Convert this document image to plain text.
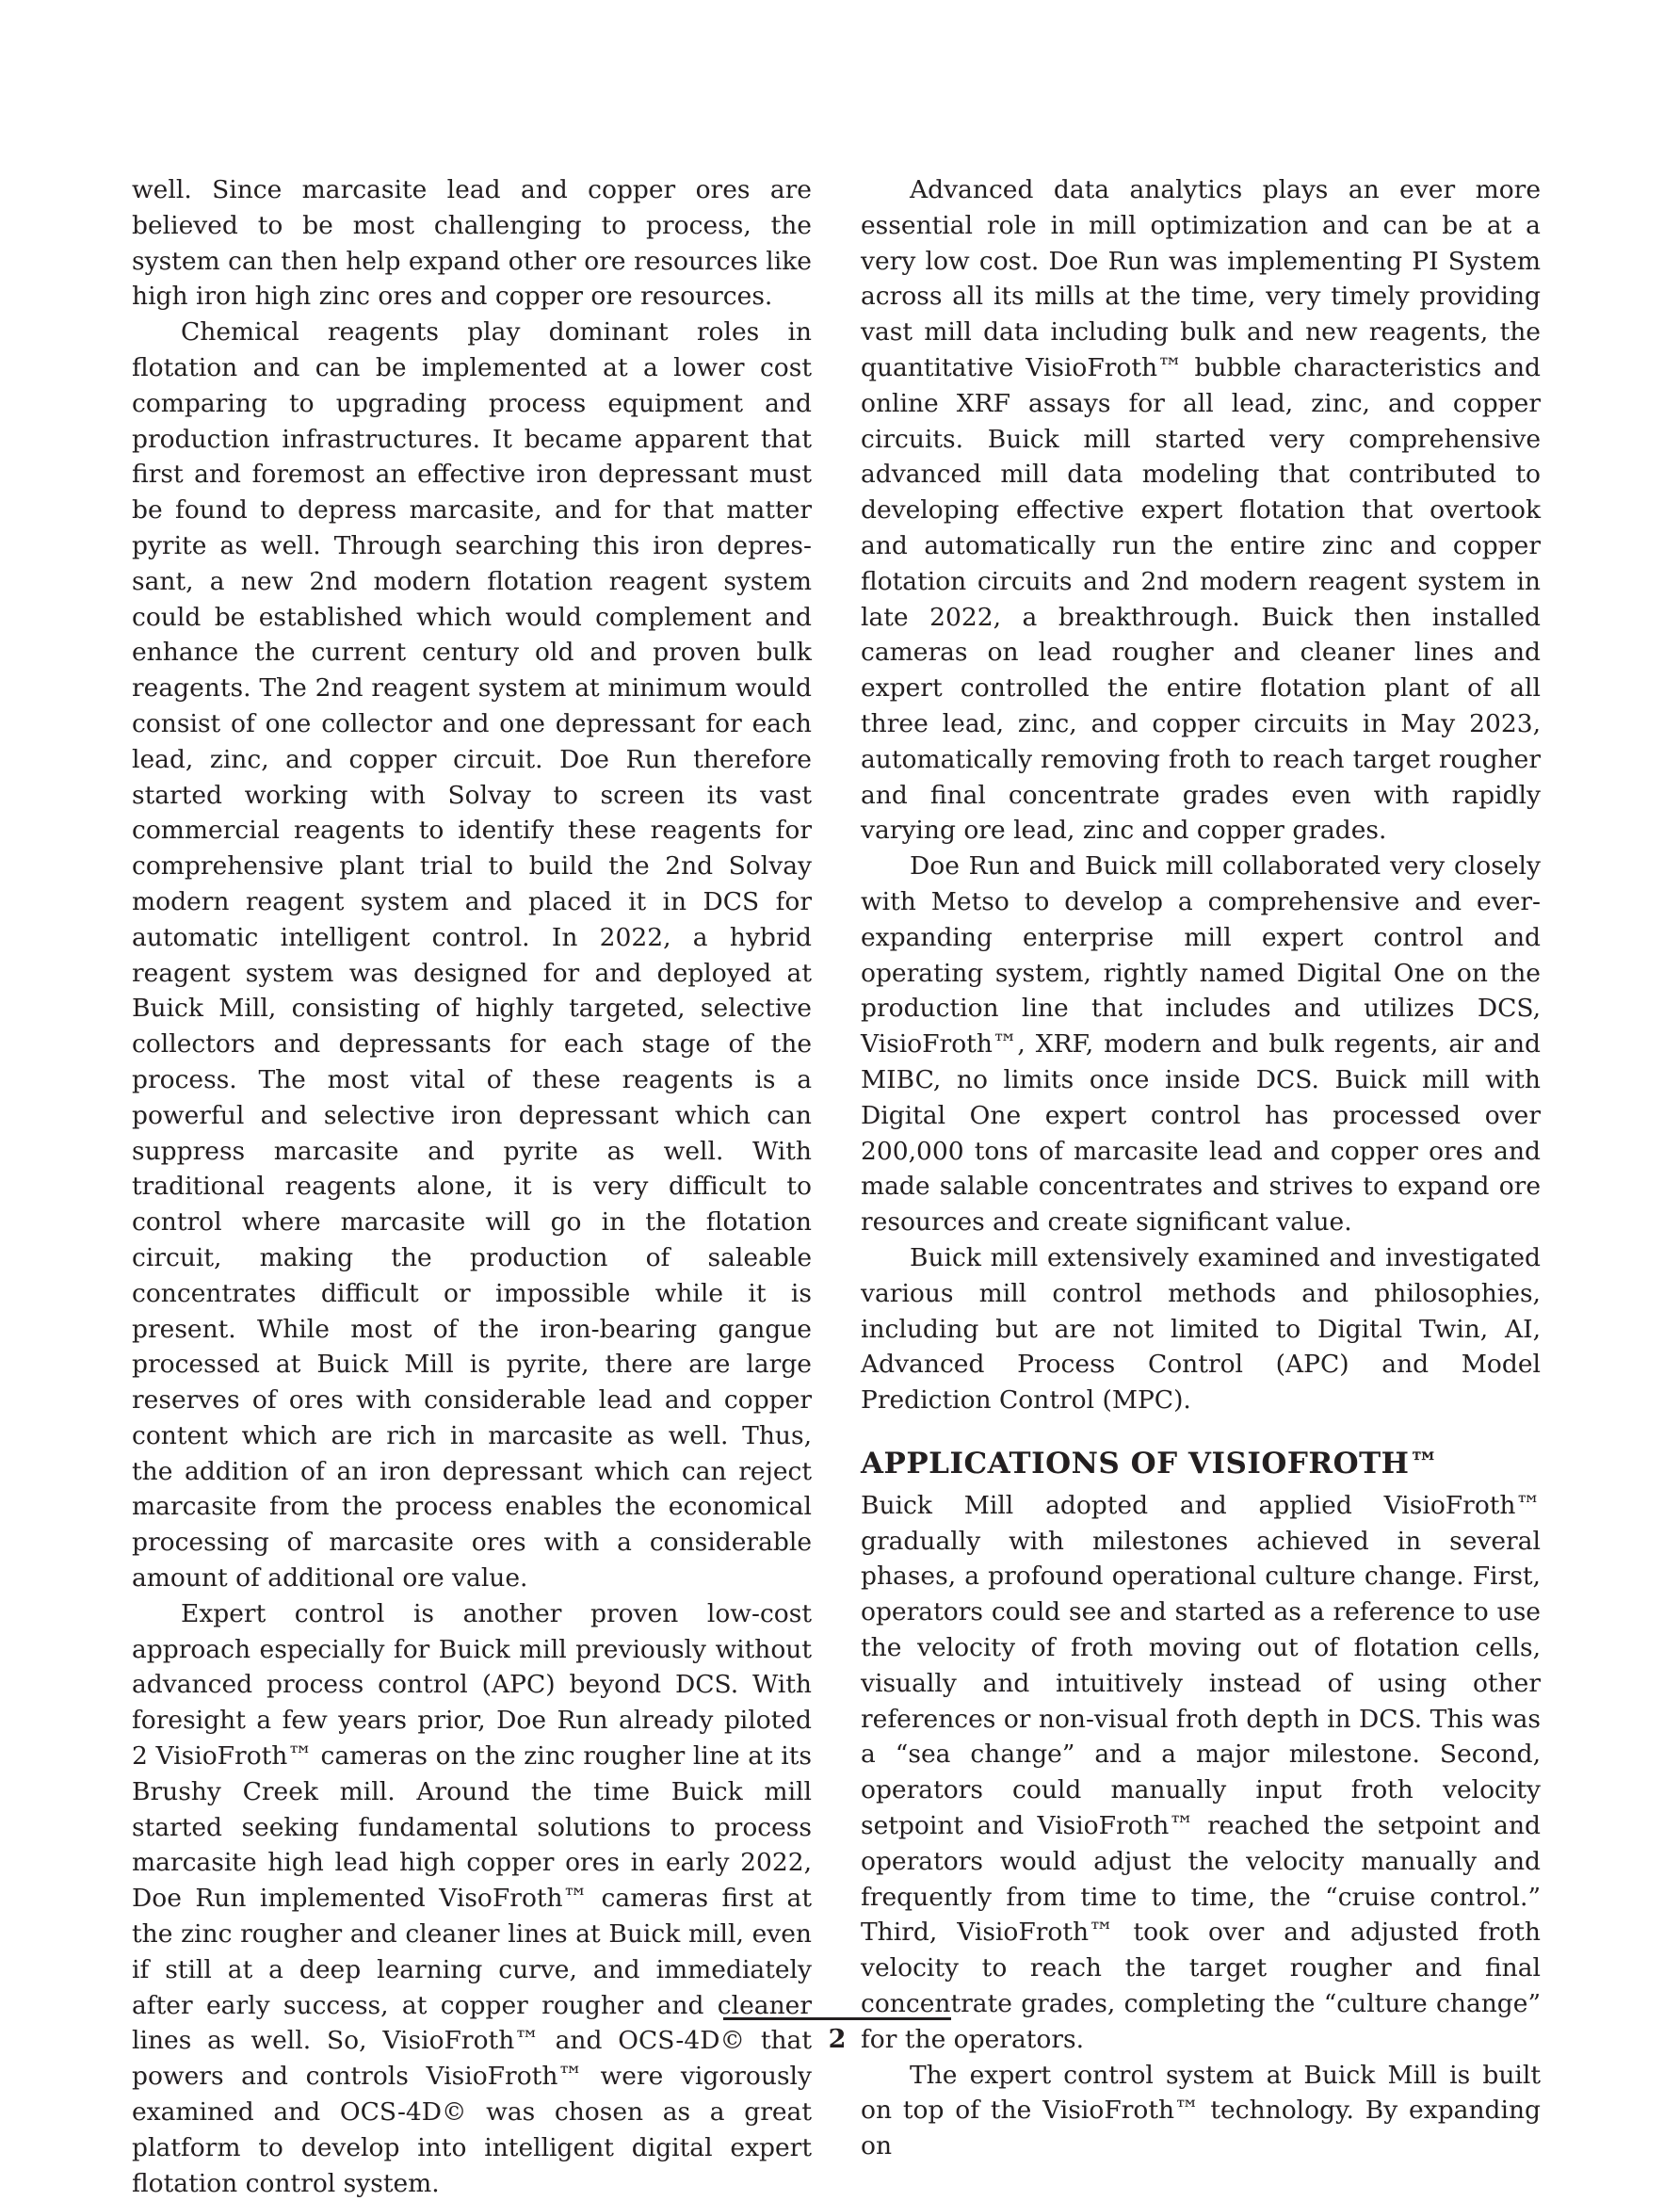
well. Since marcasite lead and copper ores are believed to be most challenging to process, the system can then help expand other ore resources like high iron high zinc ores and copper ore resources.

Chemical reagents play dominant roles in flotation and can be implemented at a lower cost comparing to upgrading process equipment and production infrastructures. It became apparent that first and foremost an effective iron depressant must be found to depress marcasite, and for that matter pyrite as well. Through searching this iron depressant, a new 2nd modern flotation reagent system could be established which would complement and enhance the current century old and proven bulk reagents. The 2nd reagent system at minimum would consist of one collector and one depressant for each lead, zinc, and copper circuit. Doe Run therefore started working with Solvay to screen its vast commercial reagents to identify these reagents for comprehensive plant trial to build the 2nd Solvay modern reagent system and placed it in DCS for automatic intelligent control. In 2022, a hybrid reagent system was designed for and deployed at Buick Mill, consisting of highly targeted, selective collectors and depressants for each stage of the process. The most vital of these reagents is a powerful and selective iron depressant which can suppress marcasite and pyrite as well. With traditional reagents alone, it is very difficult to control where marcasite will go in the flotation circuit, making the production of saleable concentrates difficult or impossible while it is present. While most of the iron-bearing gangue processed at Buick Mill is pyrite, there are large reserves of ores with considerable lead and copper content which are rich in marcasite as well. Thus, the addition of an iron depressant which can reject marcasite from the process enables the economical processing of marcasite ores with a considerable amount of additional ore value.

Expert control is another proven low-cost approach especially for Buick mill previously without advanced process control (APC) beyond DCS. With foresight a few years prior, Doe Run already piloted 2 VisioFroth™ cameras on the zinc rougher line at its Brushy Creek mill. Around the time Buick mill started seeking fundamental solutions to process marcasite high lead high copper ores in early 2022, Doe Run implemented VisoFroth™ cameras first at the zinc rougher and cleaner lines at Buick mill, even if still at a deep learning curve, and immediately after early success, at copper rougher and cleaner lines as well. So, VisioFroth™ and OCS-4D© that powers and controls VisioFroth™ were vigorously examined and OCS-4D© was chosen as a great platform to develop into intelligent digital expert flotation control system.

Advanced data analytics plays an ever more essential role in mill optimization and can be at a very low cost. Doe Run was implementing PI System across all its mills at the time, very timely providing vast mill data including bulk and new reagents, the quantitative VisioFroth™ bubble characteristics and online XRF assays for all lead, zinc, and copper circuits. Buick mill started very comprehensive advanced mill data modeling that contributed to developing effective expert flotation that overtook and automatically run the entire zinc and copper flotation circuits and 2nd modern reagent system in late 2022, a breakthrough. Buick then installed cameras on lead rougher and cleaner lines and expert controlled the entire flotation plant of all three lead, zinc, and copper circuits in May 2023, automatically removing froth to reach target rougher and final concentrate grades even with rapidly varying ore lead, zinc and copper grades.

Doe Run and Buick mill collaborated very closely with Metso to develop a comprehensive and ever-expanding enterprise mill expert control and operating system, rightly named Digital One on the production line that includes and utilizes DCS, VisioFroth™, XRF, modern and bulk regents, air and MIBC, no limits once inside DCS. Buick mill with Digital One expert control has processed over 200,000 tons of marcasite lead and copper ores and made salable concentrates and strives to expand ore resources and create significant value.

Buick mill extensively examined and investigated various mill control methods and philosophies, including but are not limited to Digital Twin, AI, Advanced Process Control (APC) and Model Prediction Control (MPC).

APPLICATIONS OF VISIOFROTH™

Buick Mill adopted and applied VisioFroth™ gradually with milestones achieved in several phases, a profound operational culture change. First, operators could see and started as a reference to use the velocity of froth moving out of flotation cells, visually and intuitively instead of using other references or non-visual froth depth in DCS. This was a “sea change” and a major milestone. Second, operators could manually input froth velocity setpoint and VisioFroth™ reached the setpoint and operators would adjust the velocity manually and frequently from time to time, the “cruise control.” Third, VisioFroth™ took over and adjusted froth velocity to reach the target rougher and final concentrate grades, completing the “culture change” for the operators.

The expert control system at Buick Mill is built on top of the VisioFroth™ technology. By expanding on

2
